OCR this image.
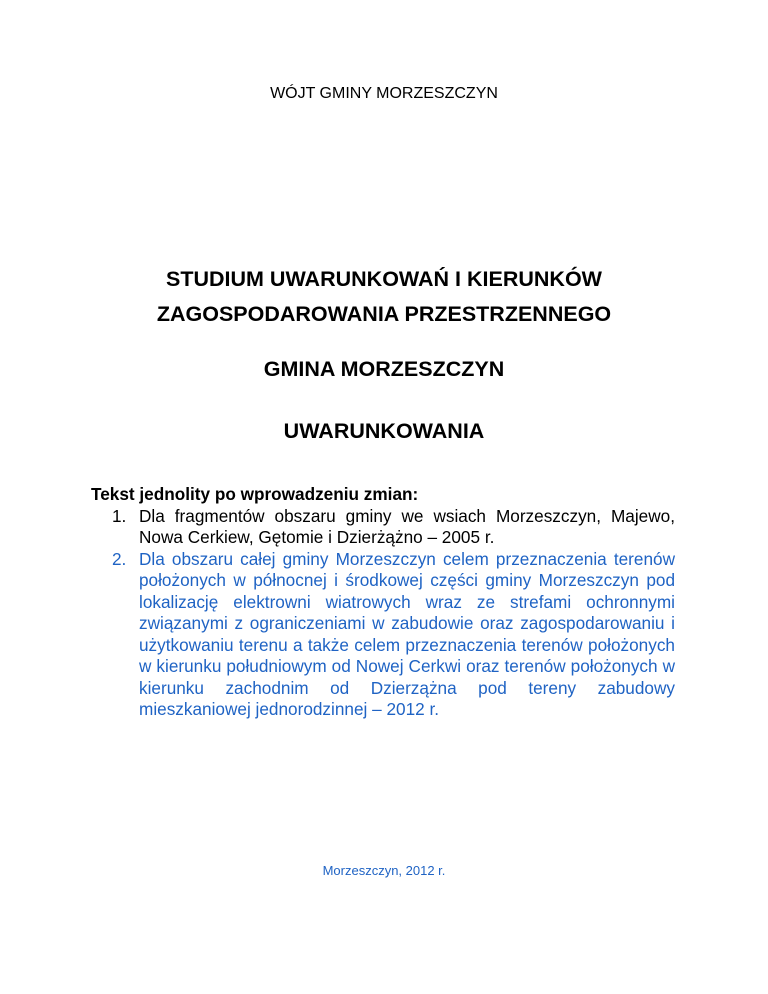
WÓJT GMINY MORZESZCZYN
STUDIUM UWARUNKOWAŃ I KIERUNKÓW
ZAGOSPODAROWANIA PRZESTRZENNEGO
GMINA MORZESZCZYN
UWARUNKOWANIA

Tekst jednolity po wprowadzeniu zmian:

1. Dla fragmentów obszaru gminy we wsiach Morzeszczyn, Majewo, Nowa Cerkiew, Gętomie i Dzierżążno – 2005 r.
2. Dla obszaru całej gminy Morzeszczyn celem przeznaczenia terenów położonych w północnej i środkowej części gminy Morzeszczyn pod lokalizację elektrowni wiatrowych wraz ze strefami ochronnymi związanymi z ograniczeniami w zabudowie oraz zagospodarowaniu i użytkowaniu terenu a także celem przeznaczenia terenów położonych w kierunku południowym od Nowej Cerkwi oraz terenów położonych w kierunku zachodnim od Dzierzążna pod tereny zabudowy mieszkaniowej jednorodzinnej – 2012 r.
Morzeszczyn, 2012 r.
